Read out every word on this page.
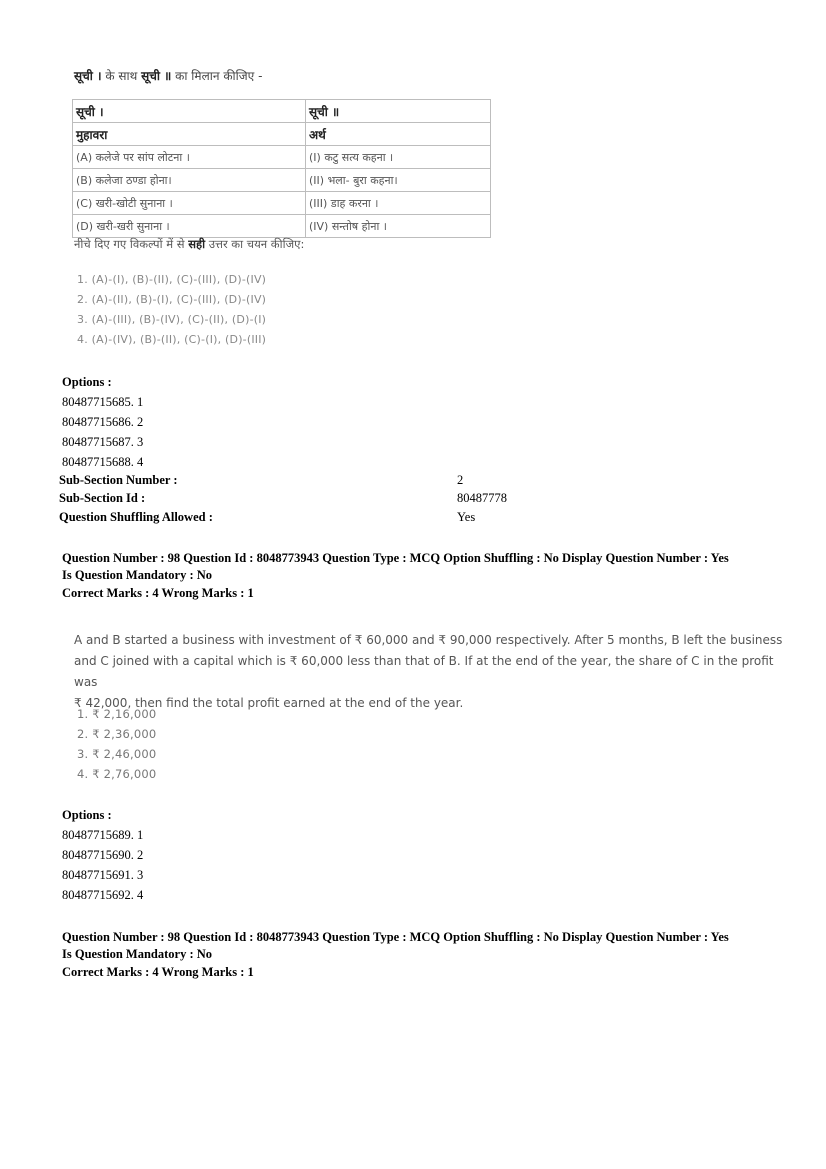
सूची । के साथ सूची ॥ का मिलान कीजिए -
सूची ।	सूची ॥
मुहावरा	अर्थ
(A) कलेजे पर सांप लोटना ।	(I) कटु सत्य कहना ।
(B) कलेजा ठण्डा होना।	(II) भला- बुरा कहना।
(C) खरी-खोटी सुनाना ।	(III) डाह करना ।
(D) खरी-खरी सुनाना ।	(IV) सन्तोष होना ।
नीचे दिए गए विकल्पों में से सही उत्तर का चयन कीजिए:
1. (A)-(I), (B)-(II), (C)-(III), (D)-(IV)
2. (A)-(II), (B)-(I), (C)-(III), (D)-(IV)
3. (A)-(III), (B)-(IV), (C)-(II), (D)-(I)
4. (A)-(IV), (B)-(II), (C)-(I), (D)-(III)
Options :
80487715685. 1
80487715686. 2
80487715687. 3
80487715688. 4
Sub-Section Number :	2
Sub-Section Id :	80487778
Question Shuffling Allowed :	Yes
Question Number : 98 Question Id : 8048773943 Question Type : MCQ Option Shuffling : No Display Question Number : Yes
Is Question Mandatory : No
Correct Marks : 4 Wrong Marks : 1
A and B started a business with investment of ₹ 60,000 and ₹ 90,000 respectively. After 5 months, B left the business
and C joined with a capital which is ₹ 60,000 less than that of B. If at the end of the year, the share of C in the profit was
₹ 42,000, then find the total profit earned at the end of the year.
1. ₹ 2,16,000
2. ₹ 2,36,000
3. ₹ 2,46,000
4. ₹ 2,76,000
Options :
80487715689. 1
80487715690. 2
80487715691. 3
80487715692. 4
Question Number : 98 Question Id : 8048773943 Question Type : MCQ Option Shuffling : No Display Question Number : Yes
Is Question Mandatory : No
Correct Marks : 4 Wrong Marks : 1
